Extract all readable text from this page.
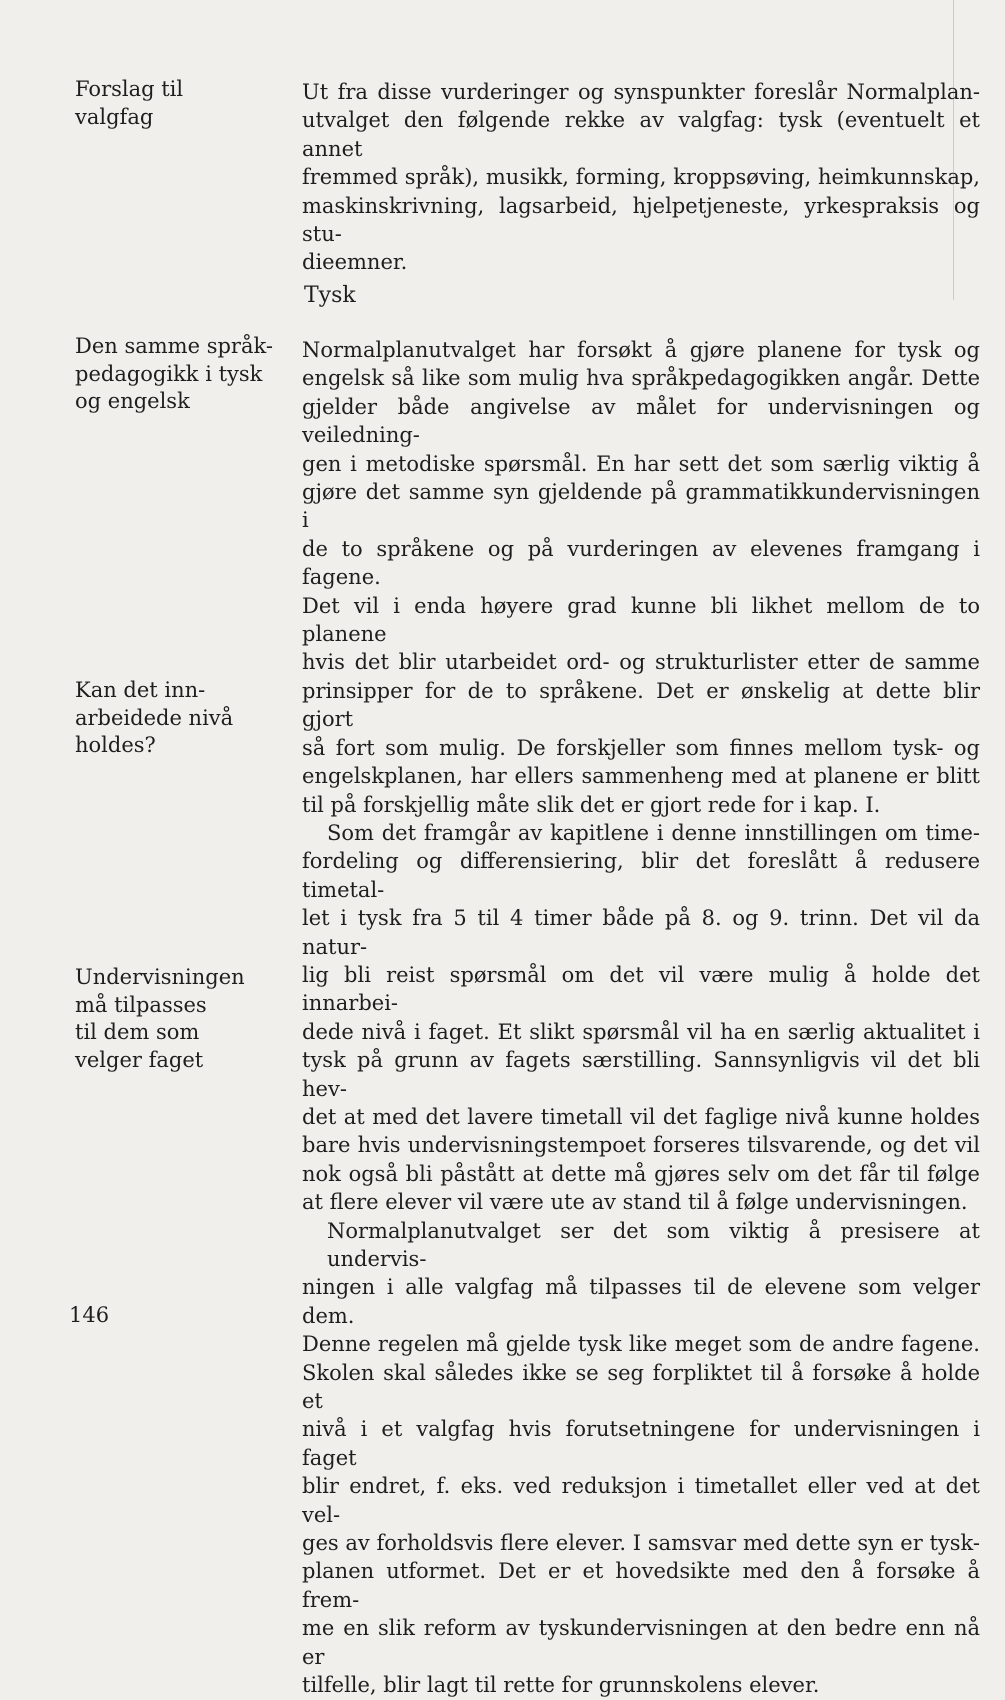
Forslag til
valgfag
Den samme språk-
pedagogikk i tysk
og engelsk
Kan det inn-
arbeidede nivå
holdes?
Undervisningen
må tilpasses
til dem som
velger faget
Ut fra disse vurderinger og synspunkter foreslår Normalplan-
utvalget den følgende rekke av valgfag: tysk (eventuelt et annet
fremmed språk), musikk, forming, kroppsøving, heimkunnskap,
maskinskrivning, lagsarbeid, hjelpetjeneste, yrkespraksis og stu-
dieemner.
Tysk
Normalplanutvalget har forsøkt å gjøre planene for tysk og
engelsk så like som mulig hva språkpedagogikken angår. Dette
gjelder både angivelse av målet for undervisningen og veiledning-
gen i metodiske spørsmål. En har sett det som særlig viktig å
gjøre det samme syn gjeldende på grammatikkundervisningen i
de to språkene og på vurderingen av elevenes framgang i fagene.
Det vil i enda høyere grad kunne bli likhet mellom de to planene
hvis det blir utarbeidet ord- og strukturlister etter de samme
prinsipper for de to språkene. Det er ønskelig at dette blir gjort
så fort som mulig. De forskjeller som finnes mellom tysk- og
engelskplanen, har ellers sammenheng med at planene er blitt
til på forskjellig måte slik det er gjort rede for i kap. I.
Som det framgår av kapitlene i denne innstillingen om time-
fordeling og differensiering, blir det foreslått å redusere timetal-
let i tysk fra 5 til 4 timer både på 8. og 9. trinn. Det vil da natur-
lig bli reist spørsmål om det vil være mulig å holde det innarbei-
dede nivå i faget. Et slikt spørsmål vil ha en særlig aktualitet i
tysk på grunn av fagets særstilling. Sannsynligvis vil det bli hev-
det at med det lavere timetall vil det faglige nivå kunne holdes
bare hvis undervisningstempoet forseres tilsvarende, og det vil
nok også bli påstått at dette må gjøres selv om det får til følge
at flere elever vil være ute av stand til å følge undervisningen.
Normalplanutvalget ser det som viktig å presisere at undervis-
ningen i alle valgfag må tilpasses til de elevene som velger dem.
Denne regelen må gjelde tysk like meget som de andre fagene.
Skolen skal således ikke se seg forpliktet til å forsøke å holde et
nivå i et valgfag hvis forutsetningene for undervisningen i faget
blir endret, f. eks. ved reduksjon i timetallet eller ved at det vel-
ges av forholdsvis flere elever. I samsvar med dette syn er tysk-
planen utformet. Det er et hovedsikte med den å forsøke å frem-
me en slik reform av tyskundervisningen at den bedre enn nå er
tilfelle, blir lagt til rette for grunnskolens elever.
146
